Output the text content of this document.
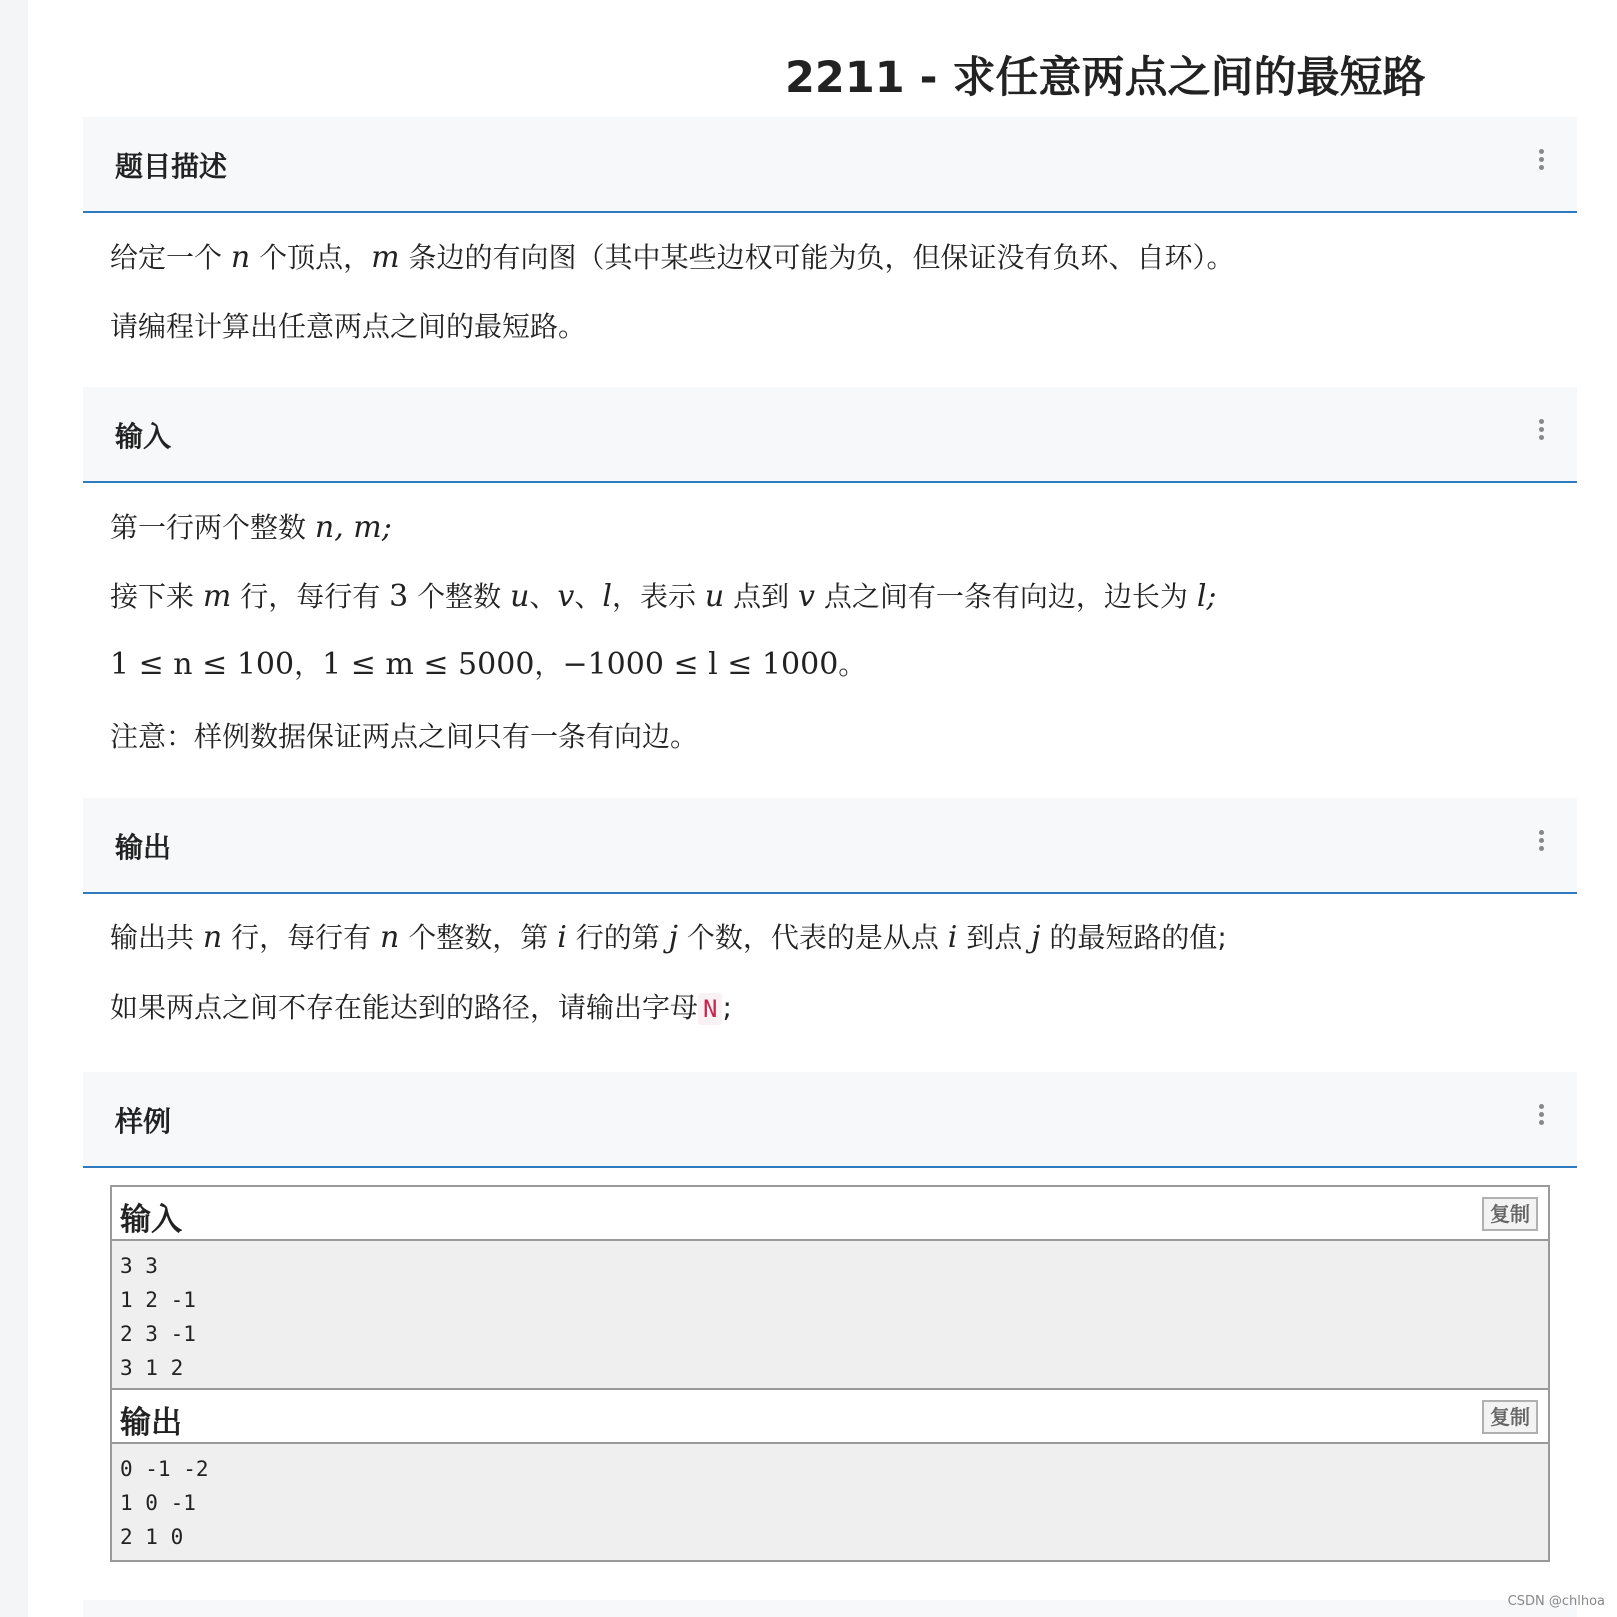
2211 - 求任意两点之间的最短路
题目描述
给定一个 n 个顶点，m 条边的有向图（其中某些边权可能为负，但保证没有负环、自环）。
请编程计算出任意两点之间的最短路。
输入
第一行两个整数 n, m;
接下来 m 行，每行有 3 个整数 u、v、l，表示 u 点到 v 点之间有一条有向边，边长为 l;
1 ≤ n ≤ 100，1 ≤ m ≤ 5000，−1000 ≤ l ≤ 1000。
注意：样例数据保证两点之间只有一条有向边。
输出
输出共 n 行，每行有 n 个整数，第 i 行的第 j 个数，代表的是从点 i 到点 j 的最短路的值;
如果两点之间不存在能达到的路径，请输出字母 N ;
样例
输入	复制
3 3
1 2 -1
2 3 -1
3 1 2
输出	复制
0 -1 -2
1 0 -1
2 1 0
CSDN @chlhoa
